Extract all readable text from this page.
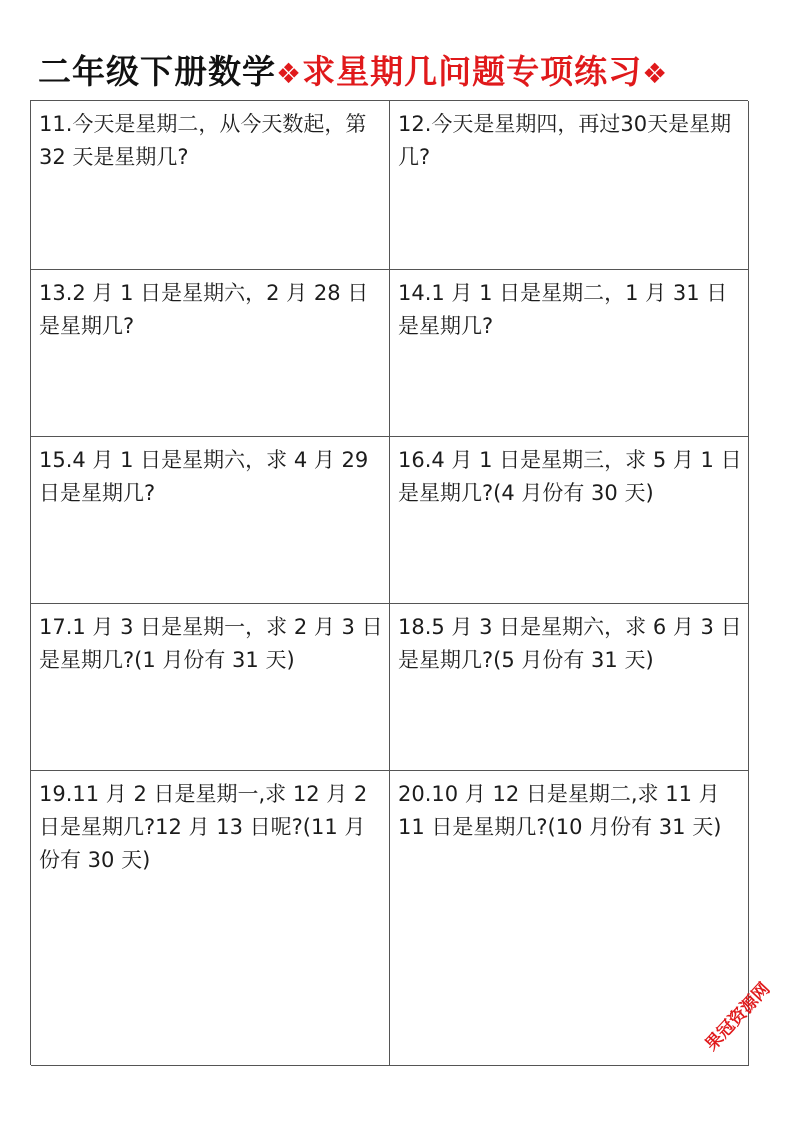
二年级下册数学❖求星期几问题专项练习❖
11.今天是星期二，从今天数起，第 32 天是星期几?
12.今天是星期四，再过30天是星期几?
13.2 月 1 日是星期六，2 月 28 日是星期几?
14.1 月 1 日是星期二，1 月 31 日是星期几?
15.4 月 1 日是星期六，求 4 月 29 日是星期几?
16.4 月 1 日是星期三，求 5 月 1 日是星期几?(4 月份有 30 天)
17.1 月 3 日是星期一，求 2 月 3 日是星期几?(1 月份有 31 天)
18.5 月 3 日是星期六，求 6 月 3 日是星期几?(5 月份有 31 天)
19.11 月 2 日是星期一,求 12 月 2 日是星期几?12 月 13 日呢?(11 月份有 30 天)
20.10 月 12 日是星期二,求 11 月 11 日是星期几?(10 月份有 31 天)
果冠资源网
